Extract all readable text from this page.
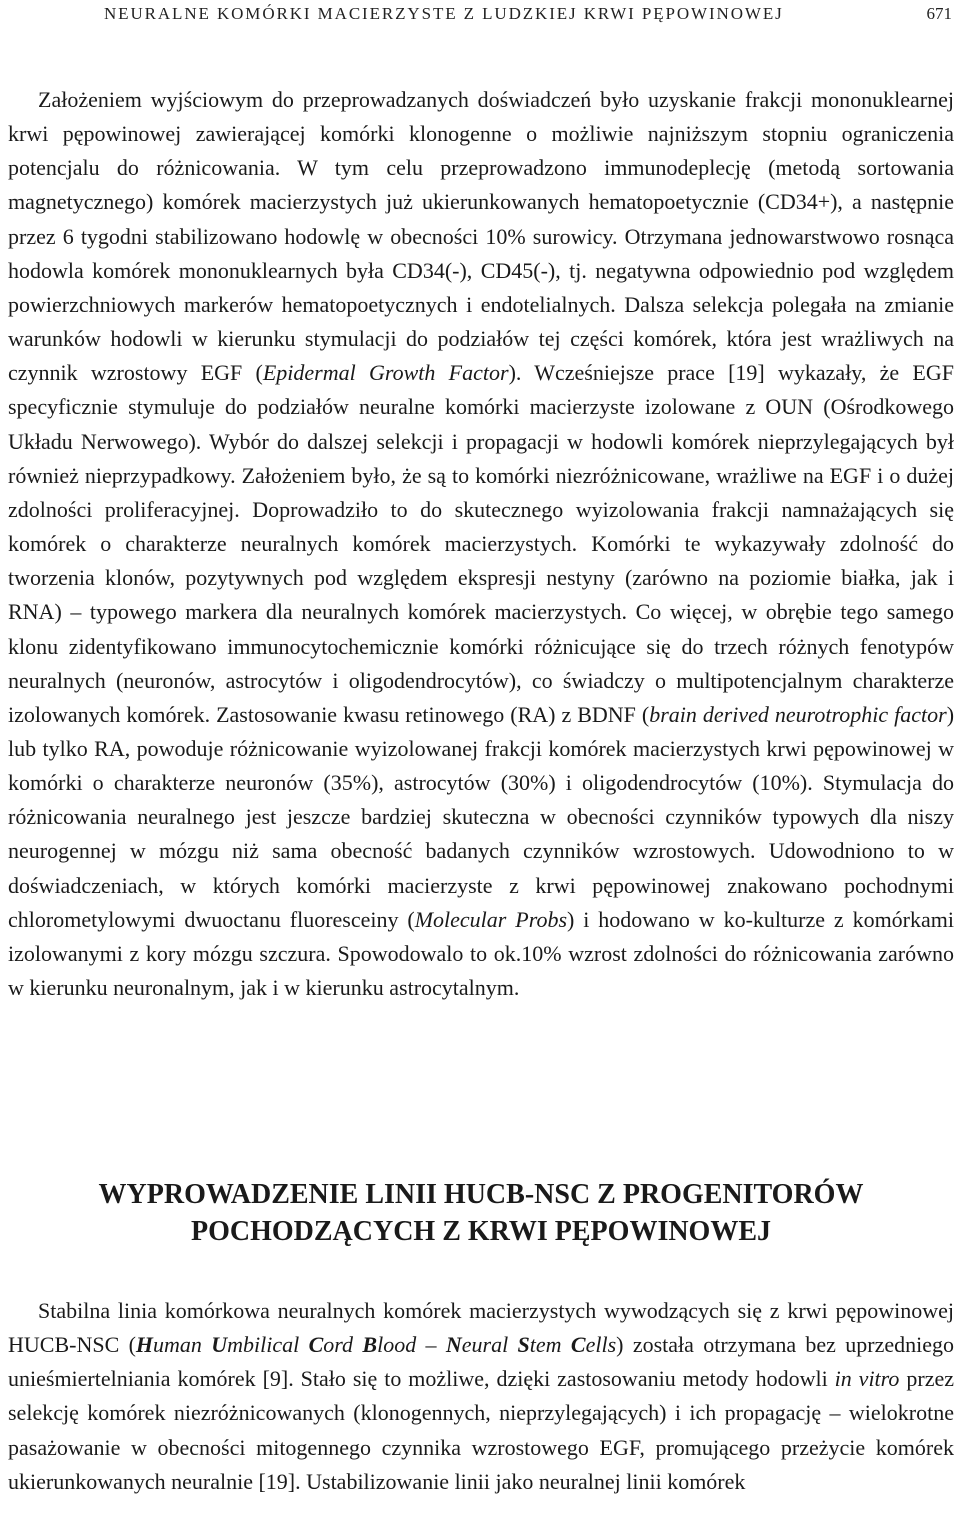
NEURALNE KOMÓRKI MACIERZYSTE Z LUDZKIEJ KRWI PĘPOWINOWEJ	671

Założeniem wyjściowym do przeprowadzanych doświadczeń było uzyskanie frakcji mononuklearnej krwi pępowinowej zawierającej komórki klonogenne o możliwie najniższym stopniu ograniczenia potencjalu do różnicowania. W tym celu przeprowadzono immunodeplecję (metodą sortowania magnetycznego) komórek macierzystych już ukierunkowanych hematopoetycznie (CD34+), a następnie przez 6 tygodni stabilizowano hodowlę w obecności 10% surowicy. Otrzymana jednowarstwowo rosnąca hodowla komórek mononuklearnych była CD34(-), CD45(-), tj. negatywna odpowiednio pod względem powierzchniowych markerów hematopoetycznych i endotelialnych. Dalsza selekcja polegała na zmianie warunków hodowli w kierunku stymulacji do podziałów tej części komórek, która jest wrażliwych na czynnik wzrostowy EGF (Epidermal Growth Factor). Wcześniejsze prace [19] wykazały, że EGF specyficznie stymuluje do podziałów neuralne komórki macierzyste izolowane z OUN (Ośrodkowego Układu Nerwowego). Wybór do dalszej selekcji i propagacji w hodowli komórek nieprzylegających był również nieprzypadkowy. Założeniem było, że są to komórki niezróżnicowane, wrażliwe na EGF i o dużej zdolności proliferacyjnej. Doprowadziło to do skutecznego wyizolowania frakcji namnażających się komórek o charakterze neuralnych komórek macierzystych. Komórki te wykazywały zdolność do tworzenia klonów, pozytywnych pod względem ekspresji nestyny (zarówno na poziomie białka, jak i RNA) – typowego markera dla neuralnych komórek macierzystych. Co więcej, w obrębie tego samego klonu zidentyfikowano immunocytochemicznie komórki różnicujące się do trzech różnych fenotypów neuralnych (neuronów, astrocytów i oligodendrocytów), co świadczy o multipotencjalnym charakterze izolowanych komórek. Zastosowanie kwasu retinowego (RA) z BDNF (brain derived neurotrophic factor) lub tylko RA, powoduje różnicowanie wyizolowanej frakcji komórek macierzystych krwi pępowinowej w komórki o charakterze neuronów (35%), astrocytów (30%) i oligodendrocytów (10%). Stymulacja do różnicowania neuralnego jest jeszcze bardziej skuteczna w obecności czynników typowych dla niszy neurogennej w mózgu niż sama obecność badanych czynników wzrostowych. Udowodniono to w doświadczeniach, w których komórki macierzyste z krwi pępowinowej znakowano pochodnymi chlorometylowymi dwuoctanu fluoresceiny (Molecular Probs) i hodowano w ko-kulturze z komórkami izolowanymi z kory mózgu szczura. Spowodowalo to ok.10% wzrost zdolności do różnicowania zarówno w kierunku neuronalnym, jak i w kierunku astrocytalnym.

WYPROWADZENIE LINII HUCB-NSC Z PROGENITORÓW
POCHODZĄCYCH Z KRWI PĘPOWINOWEJ

Stabilna linia komórkowa neuralnych komórek macierzystych wywodzących się z krwi pępowinowej HUCB-NSC (Human Umbilical Cord Blood – Neural Stem Cells) została otrzymana bez uprzedniego unieśmiertelniania komórek [9]. Stało się to możliwe, dzięki zastosowaniu metody hodowli in vitro przez selekcję komórek niezróżnicowanych (klonogennych, nieprzylegających) i ich propagację – wielokrotne pasażowanie w obecności mitogennego czynnika wzrostowego EGF, promującego przeżycie komórek ukierunkowanych neuralnie [19]. Ustabilizowanie linii jako neuralnej linii komórek
